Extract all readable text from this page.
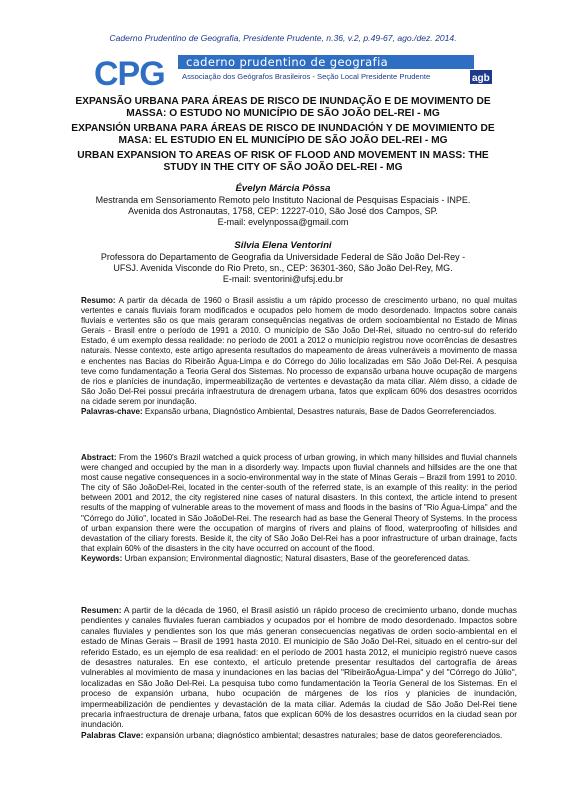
Caderno Prudentino de Geografia, Presidente Prudente, n.36, v.2, p.49-67, ago./dez. 2014.
CPG	caderno prudentino de geografia
Associação dos Geógrafos Brasileiros - Seção Local Presidente Prudente	agb
EXPANSÃO URBANA PARA ÁREAS DE RISCO DE INUNDAÇÃO E DE MOVIMENTO DE MASSA: O ESTUDO NO MUNICÍPIO DE SÃO JOÃO DEL-REI - MG
EXPANSIÓN URBANA PARA ÁREAS DE RISCO DE INUNDACIÓN Y DE MOVIMIENTO DE MASA: EL ESTUDIO EN EL MUNICÍPIO DE SÃO JOÃO DEL-REI - MG
URBAN EXPANSION TO AREAS OF RISK OF FLOOD AND MOVEMENT IN MASS: THE STUDY IN THE CITY OF SÃO JOÃO DEL-REI - MG
Évelyn Márcia Pôssa
Mestranda em Sensoriamento Remoto pelo Instituto Nacional de Pesquisas Espaciais - INPE.
Avenida dos Astronautas, 1758, CEP: 12227-010, São José dos Campos, SP.
E-mail: evelynpossa@gmail.com
Silvia Elena Ventorini
Professora do Departamento de Geografia da Universidade Federal de São João Del-Rey -
UFSJ. Avenida Visconde do Rio Preto, sn., CEP: 36301-360, São João Del-Rey, MG.
E-mail: sventorini@ufsj.edu.br

Resumo: A partir da década de 1960 o Brasil assistiu a um rápido processo de crescimento urbano, no qual muitas vertentes e canais fluviais foram modificados e ocupados pelo homem de modo desordenado. Impactos sobre canais fluviais e vertentes são os que mais geraram consequências negativas de ordem socioambiental no Estado de Minas Gerais - Brasil entre o período de 1991 a 2010. O município de São João Del-Rei, situado no centro-sul do referido Estado, é um exemplo dessa realidade: no período de 2001 a 2012 o município registrou nove ocorrências de desastres naturais. Nesse contexto, este artigo apresenta resultados do mapeamento de áreas vulneráveis a movimento de massa e enchentes nas Bacias do Ribeirão Água-Limpa e do Córrego do Júlio localizadas em São João Del-Rei. A pesquisa teve como fundamentação a Teoria Geral dos Sistemas. No processo de expansão urbana houve ocupação de margens de rios e planícies de inundação, impermeabilização de vertentes e devastação da mata ciliar. Além disso, a cidade de São João Del-Rei possui precária infraestrutura de drenagem urbana, fatos que explicam 60% dos desastres ocorridos na cidade serem por inundação.

Palavras-chave: Expansão urbana, Diagnóstico Ambiental, Desastres naturais, Base de Dados Georreferenciados.

Abstract: From the 1960's Brazil watched a quick process of urban growing, in which many hillsides and fluvial channels were changed and occupied by the man in a disorderly way. Impacts upon fluvial channels and hillsides are the one that most cause negative consequences in a socio-environmental way in the state of Minas Gerais – Brazil from 1991 to 2010. The city of São JoãoDel-Rei, located in the center-south of the referred state, is an example of this reality: in the period between 2001 and 2012, the city registered nine cases of natural disasters. In this context, the article intend to present results of the mapping of vulnerable areas to the movement of mass and floods in the basins of "Rio Água-Limpa" and the "Córrego do Júlio", located in São JoãoDel-Rei. The research had as base the General Theory of Systems. In the process of urban expansion there were the occupation of margins of rivers and plains of flood, waterproofing of hillsides and devastation of the ciliary forests. Beside it, the city of São João Del-Rei has a poor infrastructure of urban drainage, facts that explain 60% of the disasters in the city have occurred on account of the flood.

Keywords: Urban expansion; Environmental diagnostic; Natural disasters, Base of the georeferenced datas.

Resumen: A partir de la década de 1960, el Brasil asistió un rápido proceso de crecimiento urbano, donde muchas pendientes y canales fluviales fueran cambiados y ocupados por el hombre de modo desordenado. Impactos sobre canales fluviales y pendientes son los que más generan consecuencias negativas de orden socio-ambiental en el estado de Minas Gerais – Brasil de 1991 hasta 2010. El municipio de São João Del-Rei, situado en el centro-sur del referido Estado, es un ejemplo de esa realidad: en el período de 2001 hasta 2012, el municipio registró nueve casos de desastres naturales. En ese contexto, el artículo pretende presentar resultados del cartografía de áreas vulnerables al movimiento de masa y inundaciones en las bacias del "RibeirãoÁgua-Limpa" y del "Córrego do Júlio", localizadas en São João Del-Rei. La pesquisa tubo como fundamentación la Teoría General de los Sistemas. En el proceso de expansión urbana, hubo ocupación de márgenes de los ríos y planicies de inundación, impermeabilización de pendientes y devastación de la mata ciliar. Además la ciudad de São João Del-Rei tiene precaria infraestructura de drenaje urbana, fatos que explican 60% de los desastres ocurridos en la ciudad sean por inundación.

Palabras Clave: expansión urbana; diagnóstico ambiental; desastres naturales; base de datos georeferenciados.
